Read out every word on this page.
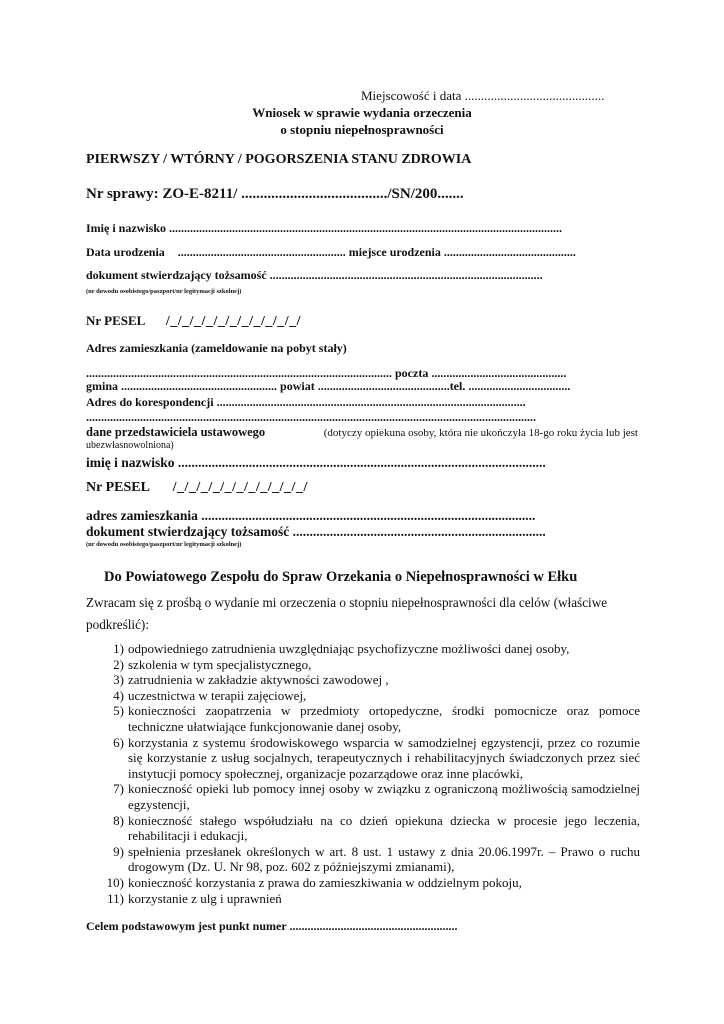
Miejscowość i data ...........................................
Wniosek w sprawie wydania orzeczenia
o stopniu niepełnosprawności
PIERWSZY / WTÓRNY / POGORSZENIA STANU ZDROWIA
Nr sprawy: ZO-E-8211/ ......................................./SN/200.......
Imię i nazwisko ...................................................................................................................................
Data urodzenia ........................................................ miejsce urodzenia ............................................
dokument stwierdzający tożsamość ...........................................................................................
(nr dowodu osobistego/paszport/nr legitymacji szkolnej)
Nr PESEL /_/_/_/_/_/_/_/_/_/_/_/
Adres zamieszkania (zameldowanie na pobyt stały)
...................................................................................................... poczta .............................................
gmina .................................................... powiat ............................................tel. ..................................
Adres do korespondencji .......................................................................................................
......................................................................................................................................................
dane przedstawiciela ustawowego	(dotyczy opiekuna osoby, która nie ukończyła 18-go roku życia lub jest
ubezwłasnowolniona)
imię i nazwisko .............................................................................................................
Nr PESEL /_/_/_/_/_/_/_/_/_/_/_/
adres zamieszkania ...................................................................................................
dokument stwierdzający tożsamość ...........................................................................
(nr dowodu osobistego/paszport/nr legitymacji szkolnej)
Do Powiatowego Zespołu do Spraw Orzekania o Niepełnosprawności w Ełku
Zwracam się z prośbą o wydanie mi orzeczenia o stopniu niepełnosprawności dla celów (właściwe
podkreślić):
1) odpowiedniego zatrudnienia uwzględniając psychofizyczne możliwości danej osoby,
2) szkolenia w tym specjalistycznego,
3) zatrudnienia w zakładzie aktywności zawodowej ,
4) uczestnictwa w terapii zajęciowej,
5) konieczności zaopatrzenia w przedmioty ortopedyczne, środki pomocnicze oraz pomoce techniczne ułatwiające funkcjonowanie danej osoby,
6) korzystania z systemu środowiskowego wsparcia w samodzielnej egzystencji, przez co rozumie się korzystanie z usług socjalnych, terapeutycznych i rehabilitacyjnych świadczonych przez sieć instytucji pomocy społecznej, organizacje pozarządowe oraz inne placówki,
7) konieczność opieki lub pomocy innej osoby w związku z ograniczoną możliwością samodzielnej egzystencji,
8) konieczność stałego współudziału na co dzień opiekuna dziecka w procesie jego leczenia, rehabilitacji i edukacji,
9) spełnienia przesłanek określonych w art. 8 ust. 1 ustawy z dnia 20.06.1997r. – Prawo o ruchu drogowym (Dz. U. Nr 98, poz. 602 z późniejszymi zmianami),
10) konieczność korzystania z prawa do zamieszkiwania w oddzielnym pokoju,
11) korzystanie z ulg i uprawnień
Celem podstawowym jest punkt numer ........................................................
